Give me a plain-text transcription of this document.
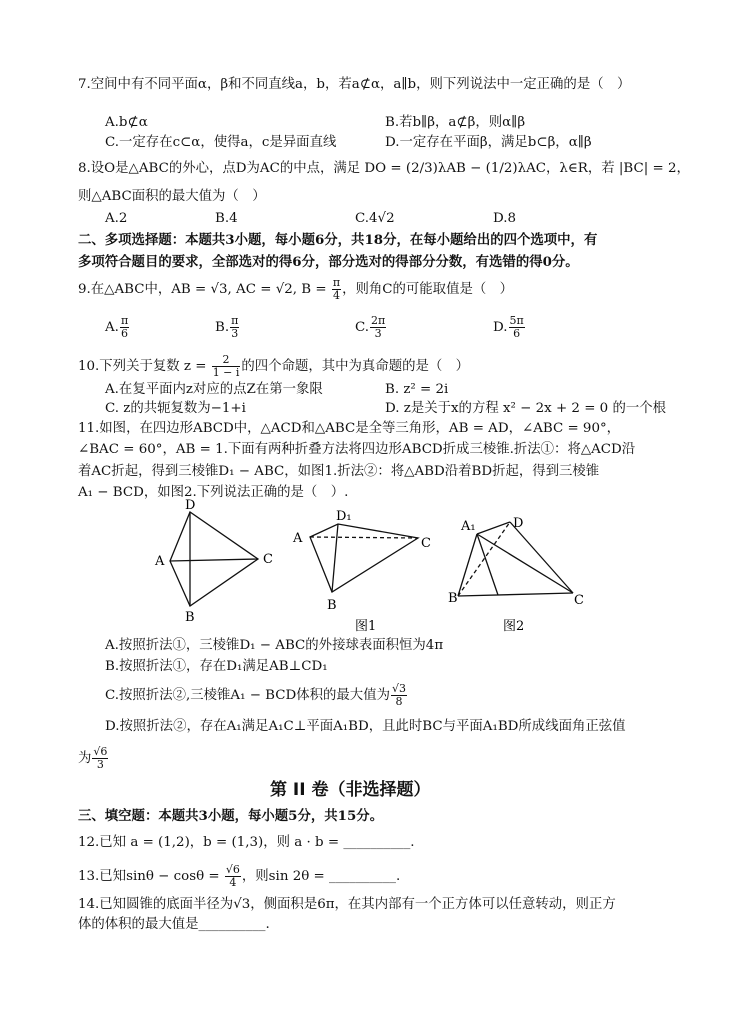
7.空间中有不同平面α，β和不同直线a，b，若a⊄α，a∥b，则下列说法中一定正确的是（　）
A.b⊄α	B.若b∥β，a⊄β，则α∥β
C.一定存在c⊂α，使得a，c是异面直线	D.一定存在平面β，满足b⊂β，α∥β
8.设O是△ABC的外心，点D为AC的中点，满足 DO = (2/3)λAB − (1/2)λAC，λ∈R，若 |BC| = 2，
则△ABC面积的最大值为（　）
A.2	B.4	C.4√2	D.8
二、多项选择题：本题共3小题，每小题6分，共18分，在每小题给出的四个选项中，有
多项符合题目的要求，全部选对的得6分，部分选对的得部分分数，有选错的得0分。
9.在△ABC中，AB = √3, AC = √2, $B = \frac{\pi}{4}$ ，则角C的可能取值是（　）
A. $\frac{\pi}{6}$	B. $\frac{\pi}{3}$	C. $\frac{2\pi}{3}$	D. $\frac{5\pi}{6}$
10.下列关于复数 $z = \frac{2}{1 - i}$ 的四个命题，其中为真命题的是（　）
A.在复平面内z对应的点Z在第一象限	B. z² = 2i
C. z的共轭复数为−1+i	D. z是关于x的方程 x² − 2x + 2 = 0 的一个根
11.如图，在四边形ABCD中，△ACD和△ABC是全等三角形，AB = AD，∠ABC = 90°，
∠BAC = 60°，AB = 1.下面有两种折叠方法将四边形ABCD折成三棱锥.折法①：将△ACD沿
着AC折起，得到三棱锥D₁ − ABC，如图1.折法②：将△ABD沿着BD折起，得到三棱锥
A₁ − BCD，如图2.下列说法正确的是（　）.
D
A	C
B
D₁
A	C
B
图1
A₁	D
B	C
图2
A.按照折法①，三棱锥D₁ − ABC的外接球表面积恒为4π
B.按照折法①，存在D₁满足AB⊥CD₁
C.按照折法②,三棱锥A₁ − BCD体积的最大值为 $\frac{√3}{8}$
D.按照折法②，存在A₁满足A₁C⊥平面A₁BD，且此时BC与平面A₁BD所成线面角正弦值
为 $\frac{√6}{3}$
第 II 卷（非选择题）
三、填空题：本题共3小题，每小题5分，共15分。
12.已知 a = (1,2)，b = (1,3)，则 a · b = __________.
13.已知$\sin\theta - \cos\theta = \frac{√6}{4}$ ，则sin 2θ = __________.
14.已知圆锥的底面半径为√3，侧面积是6π，在其内部有一个正方体可以任意转动，则正方
体的体积的最大值是__________.
